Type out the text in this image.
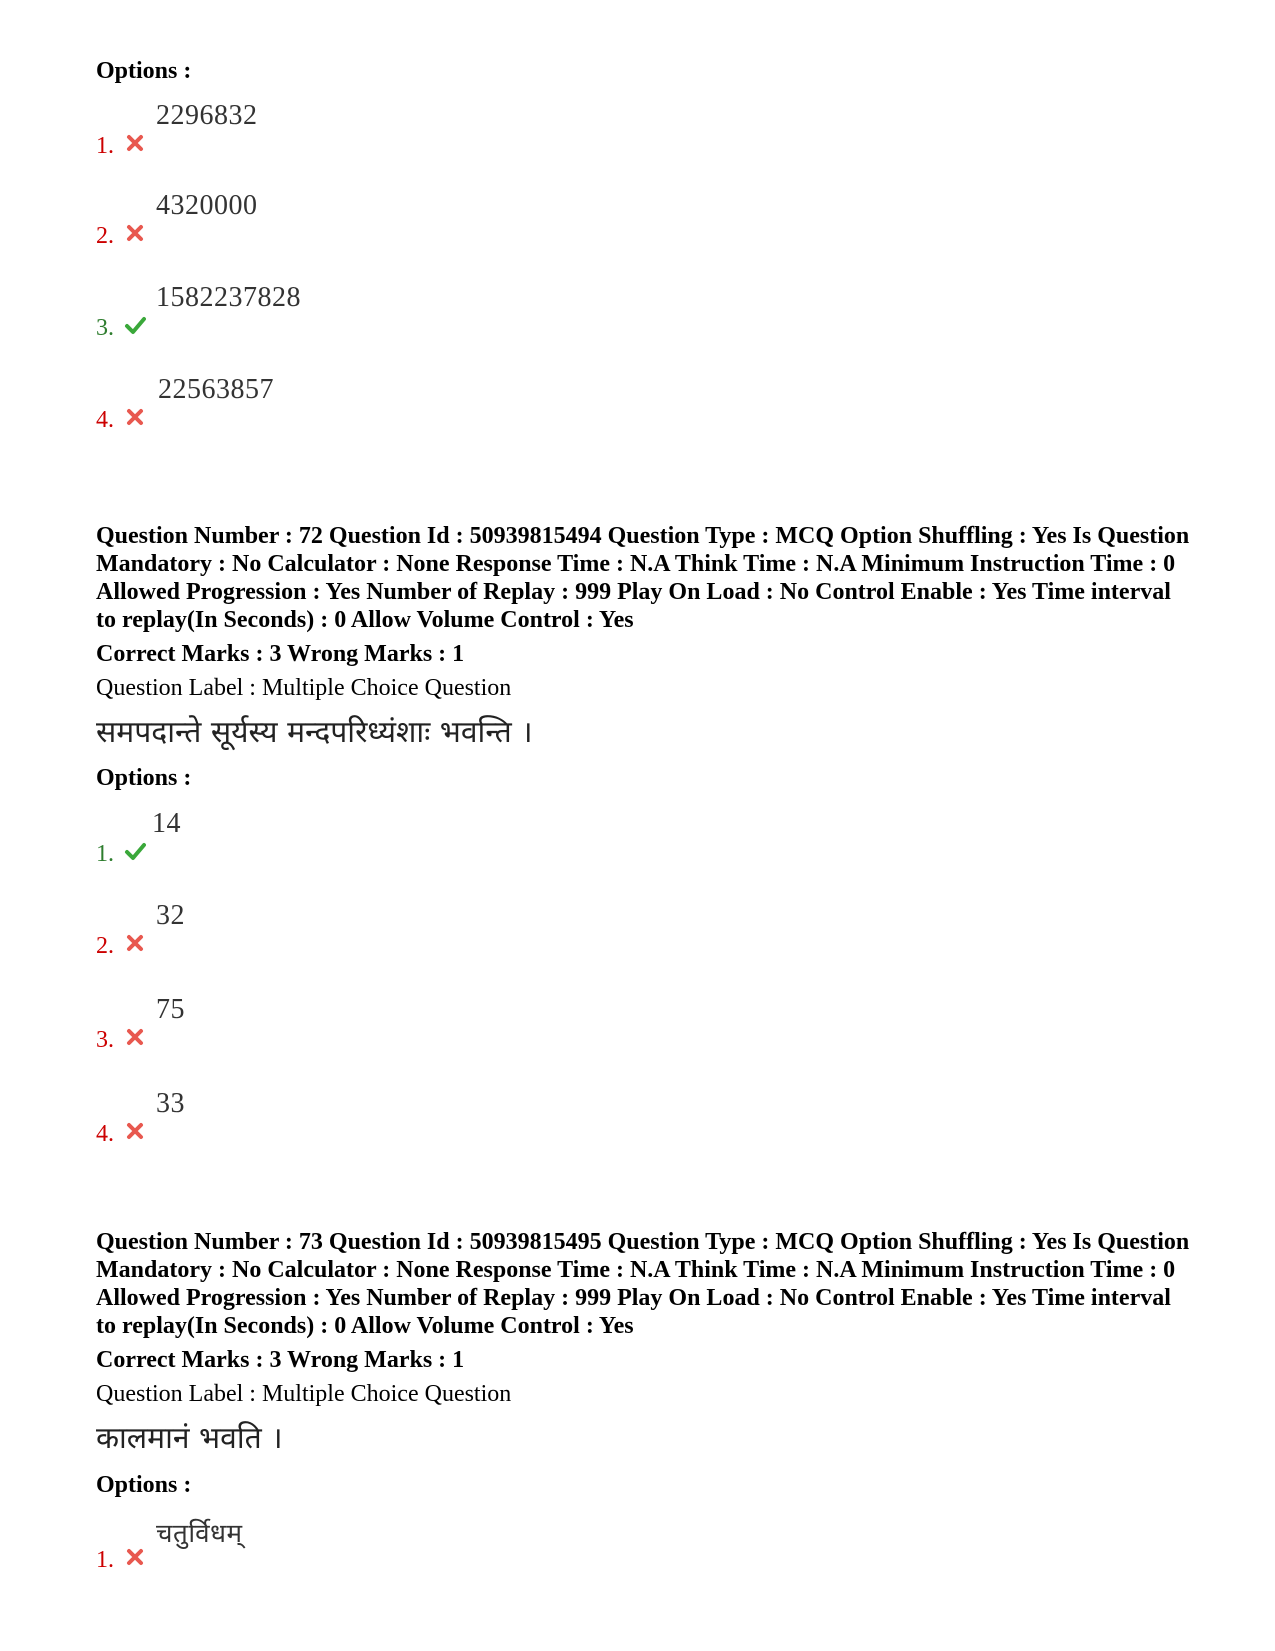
Options :
1.
2296832
2.
4320000
3.
1582237828
4.
22563857
Question Number : 72 Question Id : 50939815494 Question Type : MCQ Option Shuffling : Yes Is Question Mandatory : No Calculator : None Response Time : N.A Think Time : N.A Minimum Instruction Time : 0 Allowed Progression : Yes Number of Replay : 999 Play On Load : No Control Enable : Yes Time interval to replay(In Seconds) : 0 Allow Volume Control : Yes
Correct Marks : 3 Wrong Marks : 1
Question Label : Multiple Choice Question
समपदान्ते सूर्यस्य मन्दपरिध्यंशाः भवन्ति ।
Options :
1.
14
2.
32
3.
75
4.
33
Question Number : 73 Question Id : 50939815495 Question Type : MCQ Option Shuffling : Yes Is Question Mandatory : No Calculator : None Response Time : N.A Think Time : N.A Minimum Instruction Time : 0 Allowed Progression : Yes Number of Replay : 999 Play On Load : No Control Enable : Yes Time interval to replay(In Seconds) : 0 Allow Volume Control : Yes
Correct Marks : 3 Wrong Marks : 1
Question Label : Multiple Choice Question
कालमानं भवति ।
Options :
1.
चतुर्विधम्
